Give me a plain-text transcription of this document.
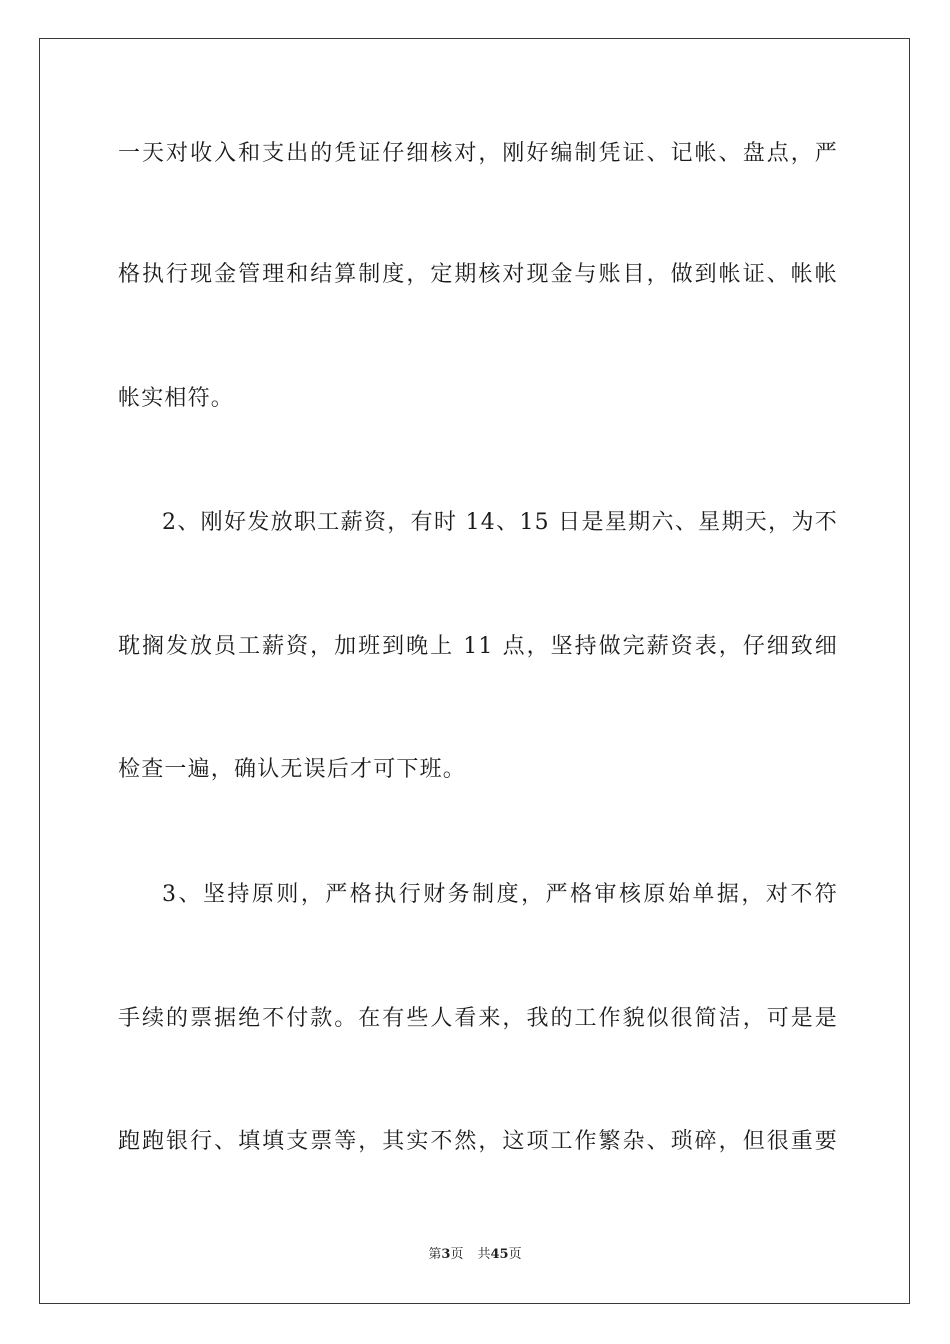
一天对收入和支出的凭证仔细核对，刚好编制凭证、记帐、盘点，严
格执行现金管理和结算制度，定期核对现金与账目，做到帐证、帐帐
帐实相符。
2、刚好发放职工薪资，有时 14、15 日是星期六、星期天，为不
耽搁发放员工薪资，加班到晚上 11 点，坚持做完薪资表，仔细致细
检查一遍，确认无误后才可下班。
3、坚持原则，严格执行财务制度，严格审核原始单据，对不符
手续的票据绝不付款。在有些人看来，我的工作貌似很简洁，可是是
跑跑银行、填填支票等，其实不然，这项工作繁杂、琐碎，但很重要
第3页 共45页
